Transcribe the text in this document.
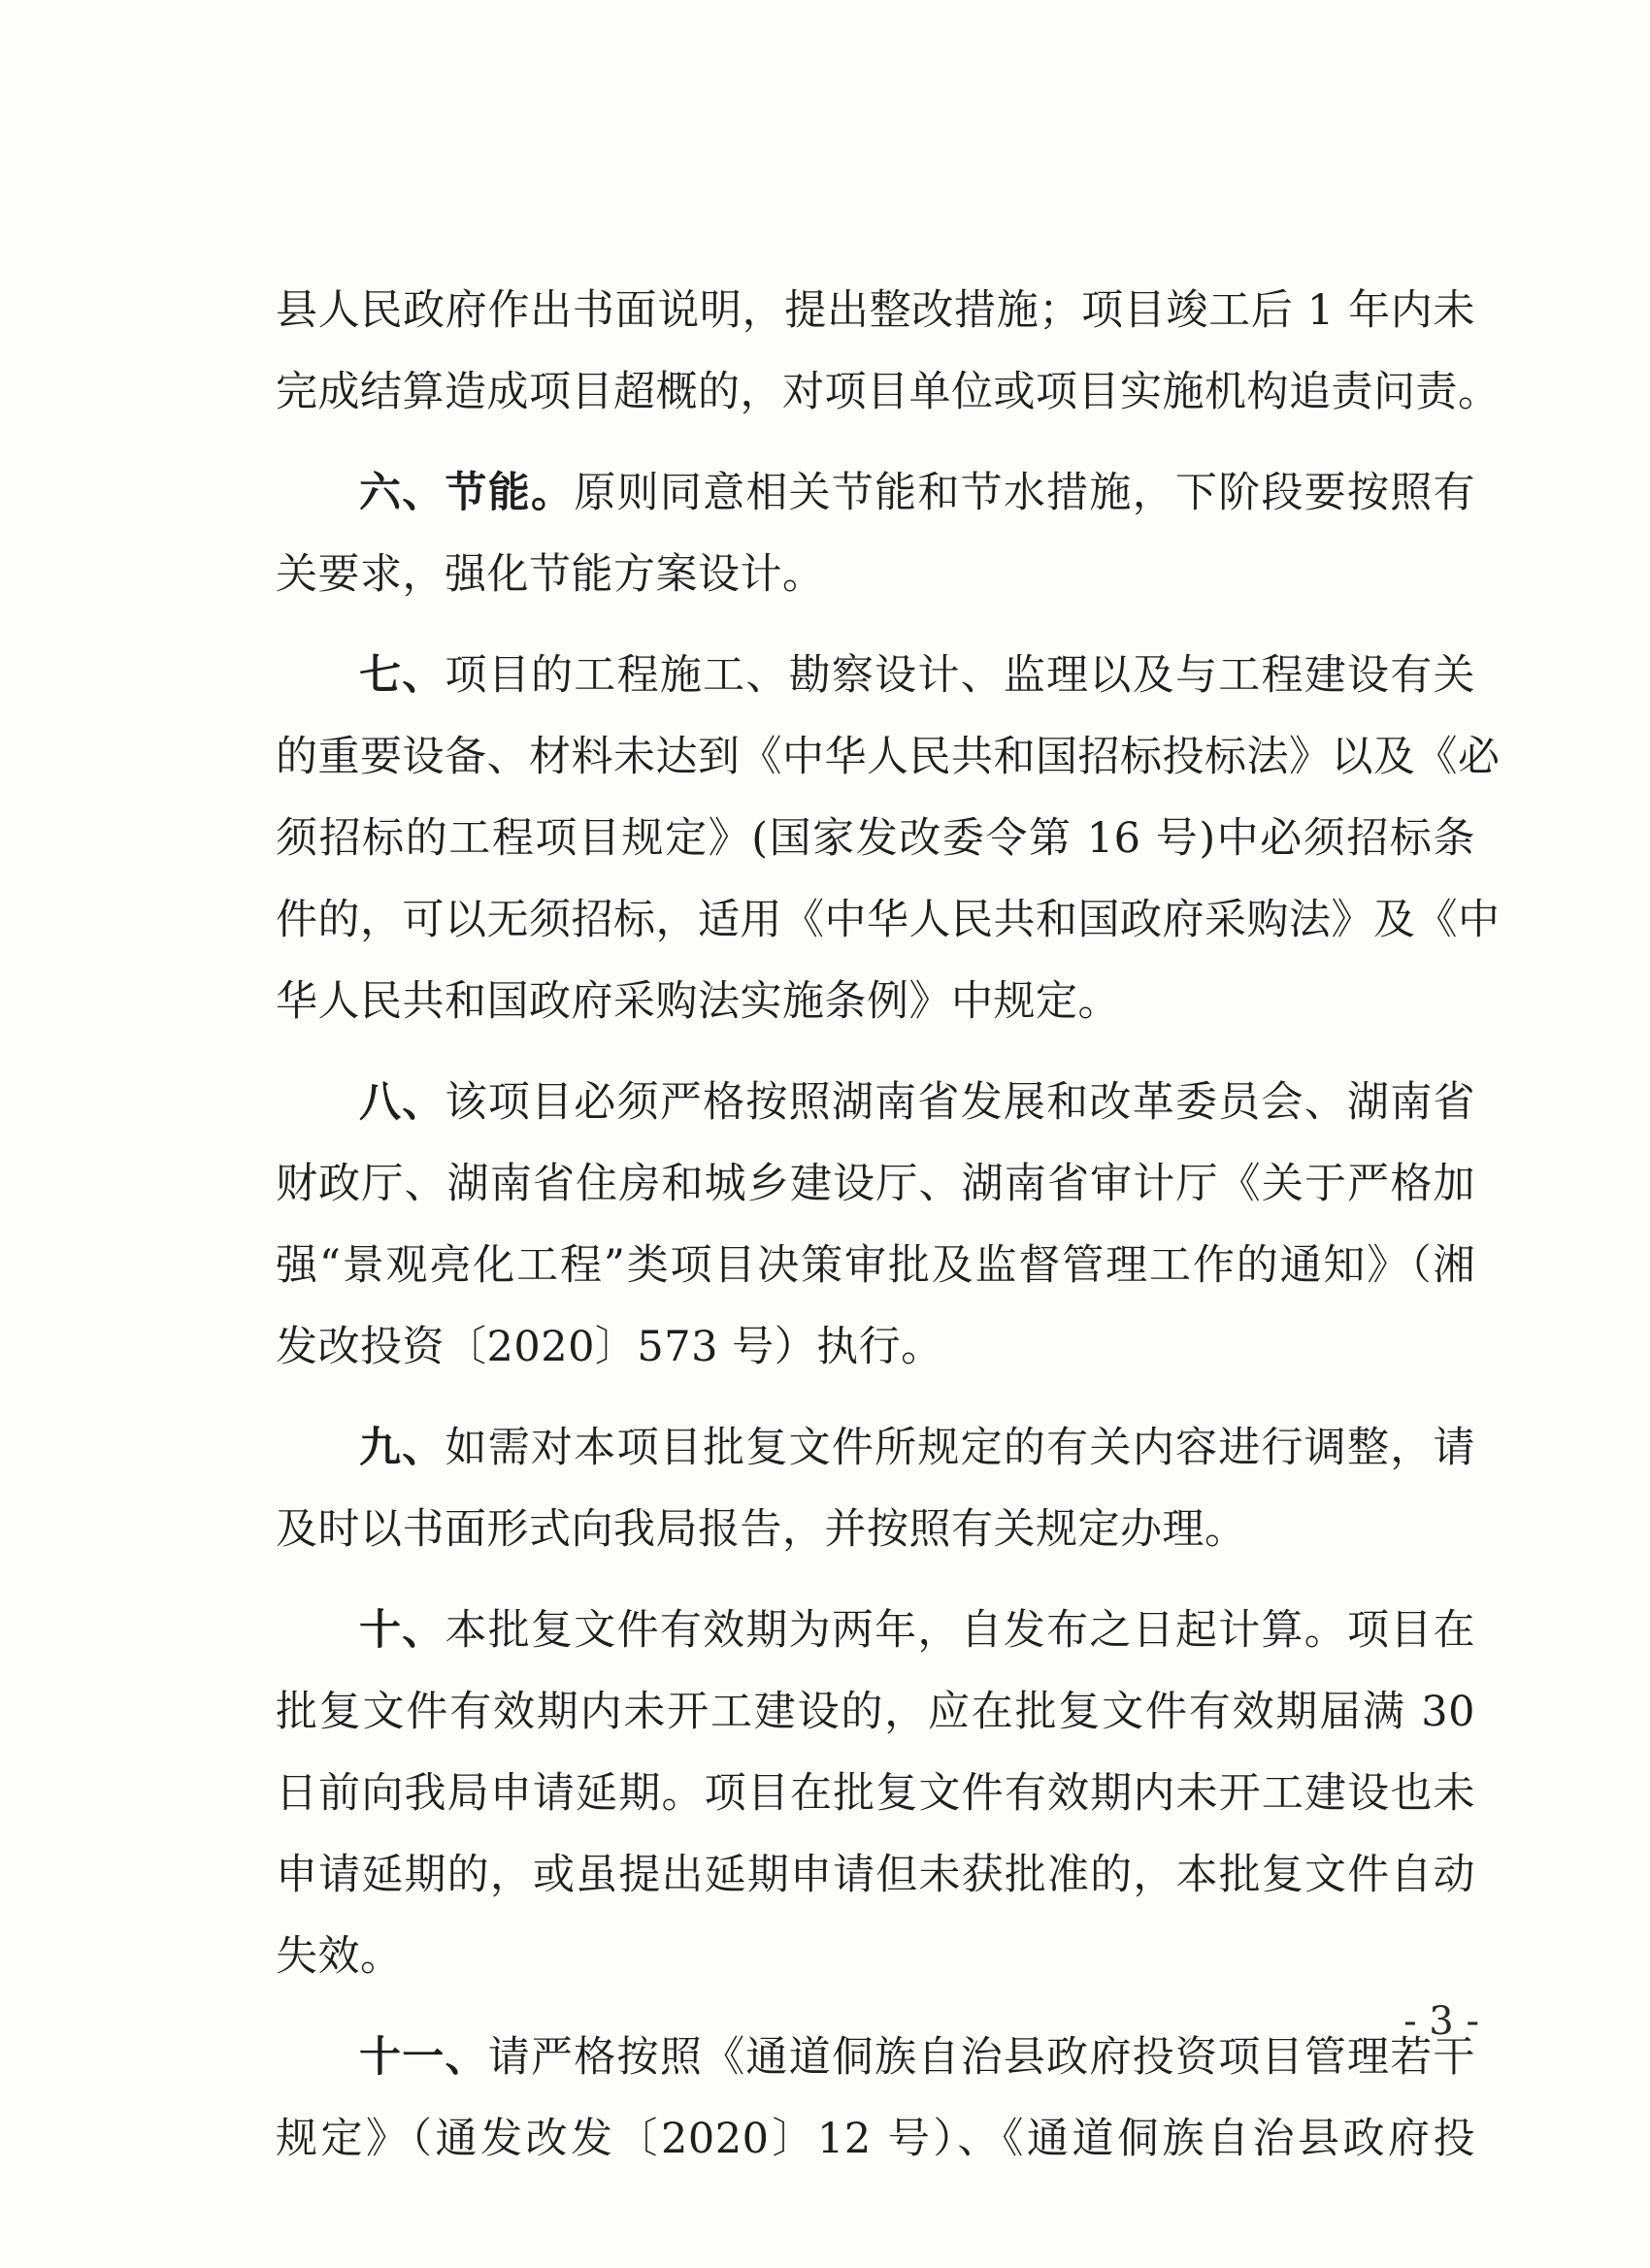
县人民政府作出书面说明，提出整改措施；项目竣工后 1 年内未

完成结算造成项目超概的，对项目单位或项目实施机构追责问责。

六、节能。原则同意相关节能和节水措施，下阶段要按照有

关要求，强化节能方案设计。

七、项目的工程施工、勘察设计、监理以及与工程建设有关

的重要设备、材料未达到《中华人民共和国招标投标法》以及《必

须招标的工程项目规定》(国家发改委令第 16 号)中必须招标条

件的，可以无须招标，适用《中华人民共和国政府采购法》及《中

华人民共和国政府采购法实施条例》中规定。

八、该项目必须严格按照湖南省发展和改革委员会、湖南省

财政厅、湖南省住房和城乡建设厅、湖南省审计厅《关于严格加

强“景观亮化工程”类项目决策审批及监督管理工作的通知》（湘

发改投资〔2020〕573 号）执行。

九、如需对本项目批复文件所规定的有关内容进行调整，请

及时以书面形式向我局报告，并按照有关规定办理。

十、本批复文件有效期为两年，自发布之日起计算。项目在

批复文件有效期内未开工建设的，应在批复文件有效期届满 30

日前向我局申请延期。项目在批复文件有效期内未开工建设也未

申请延期的，或虽提出延期申请但未获批准的，本批复文件自动

失效。

十一、请严格按照《通道侗族自治县政府投资项目管理若干

规定》（通发改发〔2020〕12 号）、《通道侗族自治县政府投

- 3 -
